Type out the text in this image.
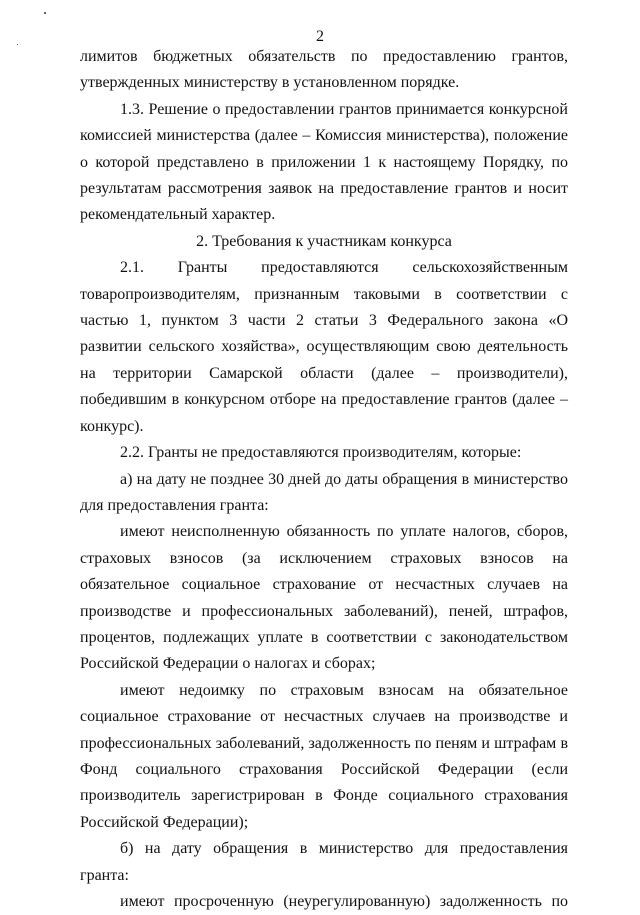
2

лимитов бюджетных обязательств по предоставлению грантов, утвержденных министерству в установленном порядке.

1.3. Решение о предоставлении грантов принимается конкурсной комиссией министерства (далее – Комиссия министерства), положение о которой представлено в приложении 1 к настоящему Порядку, по результатам рассмотрения заявок на предоставление грантов и носит рекомендательный характер.

2. Требования к участникам конкурса

2.1. Гранты предоставляются сельскохозяйственным товаропроизводителям, признанным таковыми в соответствии с частью 1, пунктом 3 части 2 статьи 3 Федерального закона «О развитии сельского хозяйства», осуществляющим свою деятельность на территории Самарской области (далее – производители), победившим в конкурсном отборе на предоставление грантов (далее – конкурс).

2.2. Гранты не предоставляются производителям, которые:

а) на дату не позднее 30 дней до даты обращения в министерство для предоставления гранта:

имеют неисполненную обязанность по уплате налогов, сборов, страховых взносов (за исключением страховых взносов на обязательное социальное страхование от несчастных случаев на производстве и профессиональных заболеваний), пеней, штрафов, процентов, подлежащих уплате в соответствии с законодательством Российской Федерации о налогах и сборах;

имеют недоимку по страховым взносам на обязательное социальное страхование от несчастных случаев на производстве и профессиональных заболеваний, задолженность по пеням и штрафам в Фонд социального страхования Российской Федерации (если производитель зарегистрирован в Фонде социального страхования Российской Федерации);

б) на дату обращения в министерство для предоставления гранта:

имеют просроченную (неурегулированную) задолженность по
